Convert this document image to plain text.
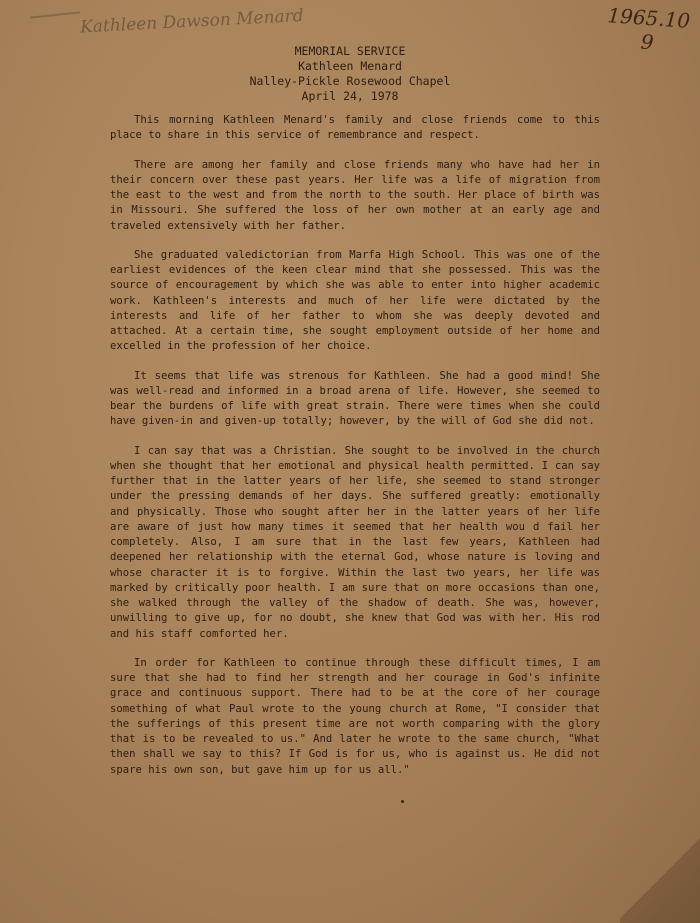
Kathleen Dawson Menard	1965.10
9
MEMORIAL SERVICE
Kathleen Menard
Nalley-Pickle Rosewood Chapel
April 24, 1978

This morning Kathleen Menard's family and close friends come to this place to share in this service of remembrance and respect.

There are among her family and close friends many who have had her in their concern over these past years. Her life was a life of migration from the east to the west and from the north to the south. Her place of birth was in Missouri. She suffered the loss of her own mother at an early age and traveled extensively with her father.

She graduated valedictorian from Marfa High School. This was one of the earliest evidences of the keen clear mind that she possessed. This was the source of encouragement by which she was able to enter into higher academic work. Kathleen's interests and much of her life were dictated by the interests and life of her father to whom she was deeply devoted and attached. At a certain time, she sought employment outside of her home and excelled in the profession of her choice.

It seems that life was strenous for Kathleen. She had a good mind! She was well-read and informed in a broad arena of life. However, she seemed to bear the burdens of life with great strain. There were times when she could have given-in and given-up totally; however, by the will of God she did not.

I can say that was a Christian. She sought to be involved in the church when she thought that her emotional and physical health permitted. I can say further that in the latter years of her life, she seemed to stand stronger under the pressing demands of her days. She suffered greatly: emotionally and physically. Those who sought after her in the latter years of her life are aware of just how many times it seemed that her health wou d fail her completely. Also, I am sure that in the last few years, Kathleen had deepened her relationship with the eternal God, whose nature is loving and whose character it is to forgive. Within the last two years, her life was marked by critically poor health. I am sure that on more occasions than one, she walked through the valley of the shadow of death. She was, however, unwilling to give up, for no doubt, she knew that God was with her. His rod and his staff comforted her.

In order for Kathleen to continue through these difficult times, I am sure that she had to find her strength and her courage in God's infinite grace and continuous support. There had to be at the core of her courage something of what Paul wrote to the young church at Rome, "I consider that the sufferings of this present time are not worth comparing with the glory that is to be revealed to us." And later he wrote to the same church, "What then shall we say to this? If God is for us, who is against us. He did not spare his own son, but gave him up for us all."
